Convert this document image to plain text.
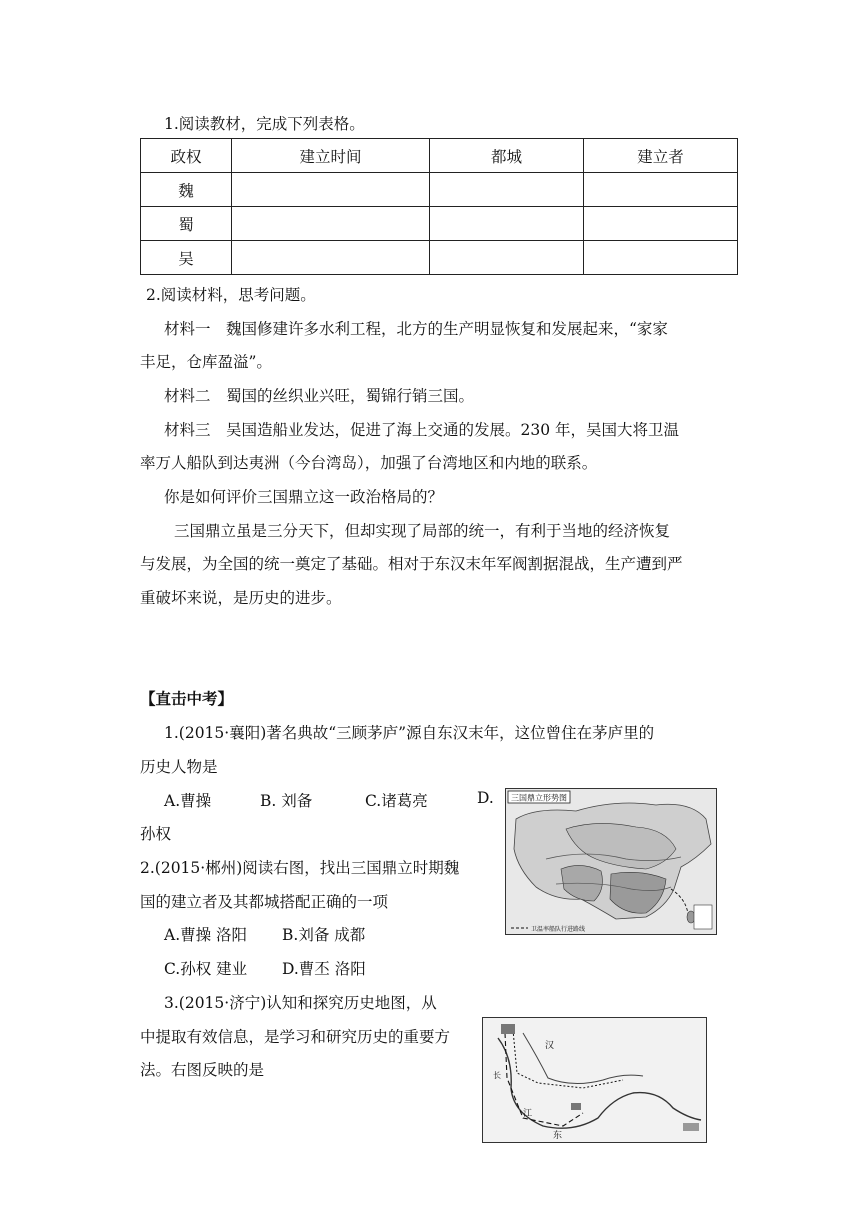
1.阅读教材，完成下列表格。
政权	建立时间	都城	建立者
魏			
蜀			
吴			
2.阅读材料，思考问题。
材料一　魏国修建许多水利工程，北方的生产明显恢复和发展起来，“家家
丰足，仓库盈溢”。
材料二　蜀国的丝织业兴旺，蜀锦行销三国。
材料三　吴国造船业发达，促进了海上交通的发展。230 年，吴国大将卫温
率万人船队到达夷洲（今台湾岛），加强了台湾地区和内地的联系。
你是如何评价三国鼎立这一政治格局的？
三国鼎立虽是三分天下，但却实现了局部的统一，有利于当地的经济恢复
与发展，为全国的统一奠定了基础。相对于东汉末年军阀割据混战，生产遭到严
重破坏来说，是历史的进步。
【直击中考】
1.(2015·襄阳)著名典故“三顾茅庐”源自东汉末年，这位曾住在茅庐里的
历史人物是
A.曹操	B. 刘备	C.诸葛亮	D.
孙权
2.(2015·郴州)阅读右图，找出三国鼎立时期魏
国的建立者及其都城搭配正确的一项
A.曹操 洛阳 B.刘备 成都
C.孙权 建业 D.曹丕 洛阳
3.(2015·济宁)认知和探究历史地图，从
中提取有效信息，是学习和研究历史的重要方
法。右图反映的是
三国鼎立形势图
卫温率船队行进路线
汉
江
长
东
